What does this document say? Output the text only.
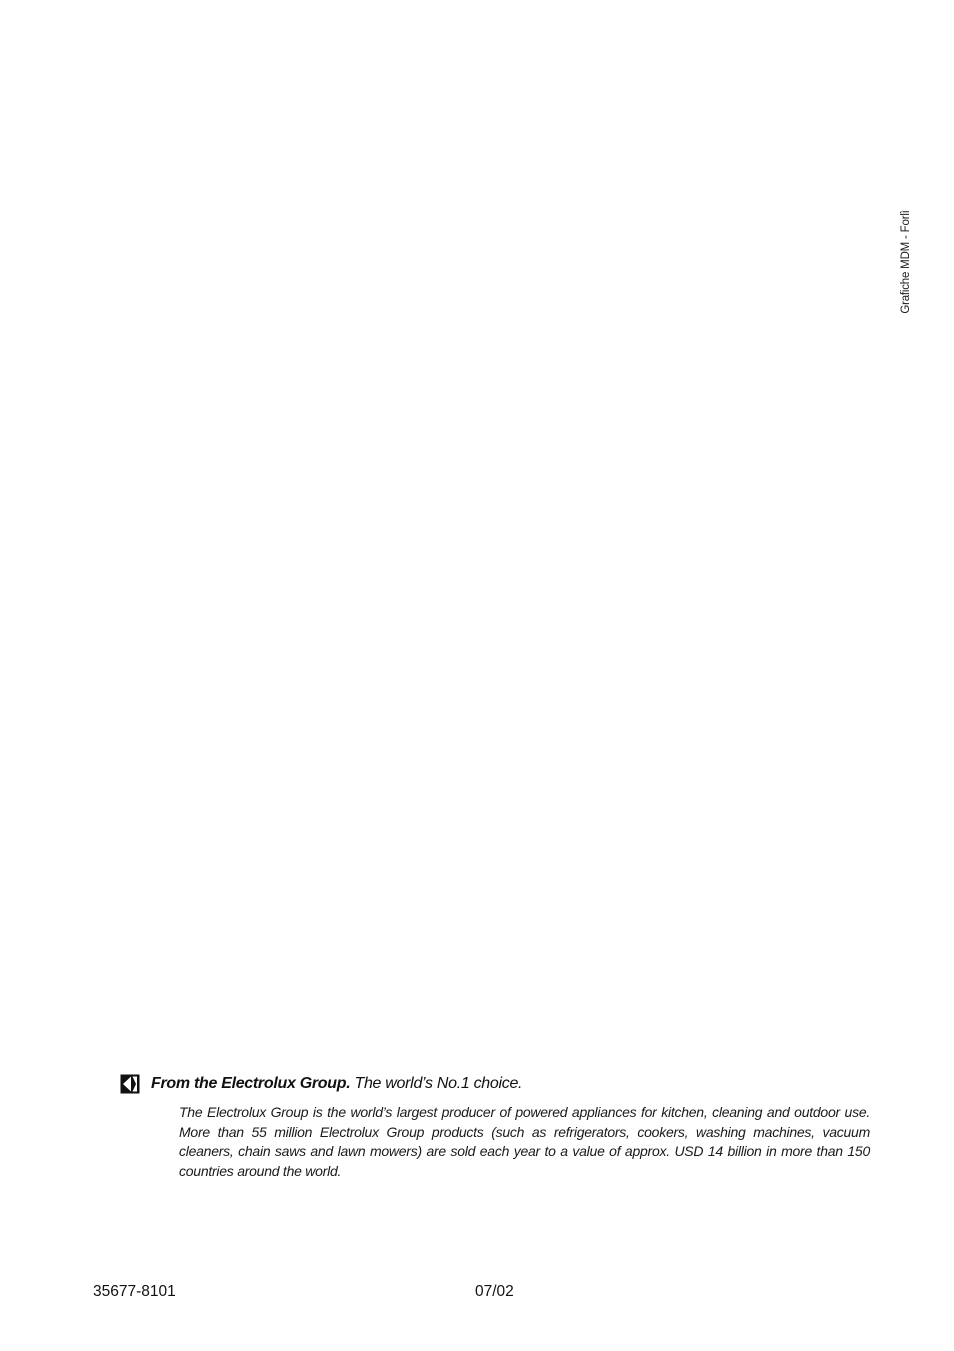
Grafiche MDM - Forlì
From the Electrolux Group. The world’s No.1 choice.
The Electrolux Group is the world’s largest producer of powered appliances for kitchen, cleaning and outdoor use. More than 55 million Electrolux Group products (such as refrigerators, cookers, washing machines, vacuum cleaners, chain saws and lawn mowers) are sold each year to a value of approx. USD 14 billion in more than 150 countries around the world.
35677-8101	07/02
